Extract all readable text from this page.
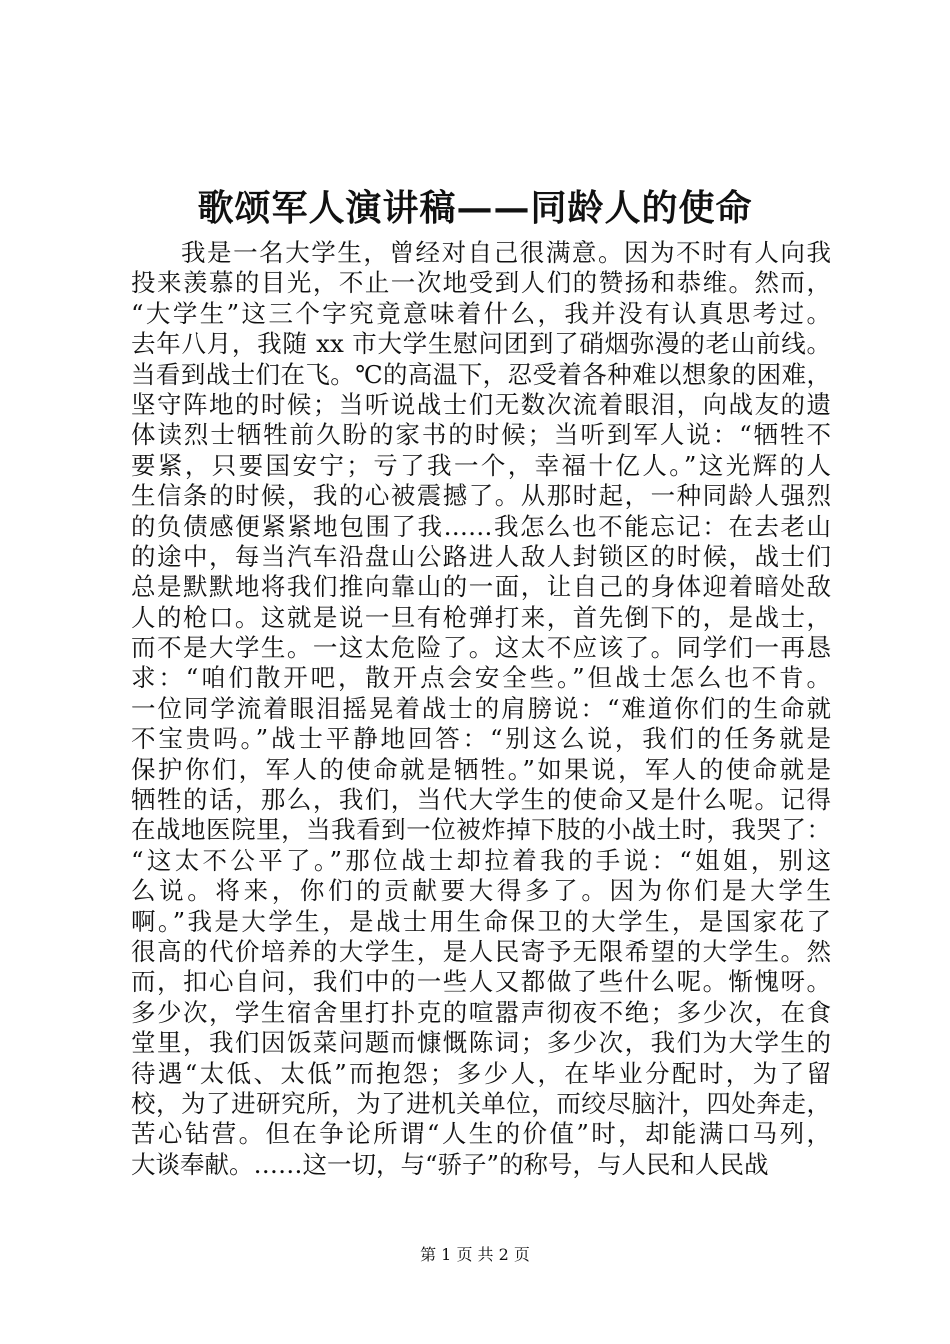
歌颂军人演讲稿——同龄人的使命
我是一名大学生，曾经对自己很满意。因为不时有人向我
投来羡慕的目光，不止一次地受到人们的赞扬和恭维。然而，
“大学生”这三个字究竟意味着什么，我并没有认真思考过。
去年八月，我随 xx 市大学生慰问团到了硝烟弥漫的老山前线。
当看到战士们在飞。℃的高温下，忍受着各种难以想象的困难，
坚守阵地的时候；当听说战士们无数次流着眼泪，向战友的遗
体读烈士牺牲前久盼的家书的时候；当听到军人说：“牺牲不
要紧，只要国安宁；亏了我一个，幸福十亿人。”这光辉的人
生信条的时候，我的心被震撼了。从那时起，一种同龄人强烈
的负债感便紧紧地包围了我……我怎么也不能忘记：在去老山
的途中，每当汽车沿盘山公路进人敌人封锁区的时候，战士们
总是默默地将我们推向靠山的一面，让自己的身体迎着暗处敌
人的枪口。这就是说一旦有枪弹打来，首先倒下的，是战士，
而不是大学生。一这太危险了。这太不应该了。同学们一再恳
求：“咱们散开吧，散开点会安全些。”但战士怎么也不肯。
一位同学流着眼泪摇晃着战士的肩膀说：“难道你们的生命就
不宝贵吗。”战士平静地回答：“别这么说，我们的任务就是
保护你们，军人的使命就是牺牲。”如果说，军人的使命就是
牺牲的话，那么，我们，当代大学生的使命又是什么呢。记得
在战地医院里，当我看到一位被炸掉下肢的小战土时，我哭了：
“这太不公平了。”那位战士却拉着我的手说：“姐姐，别这
么说。将来，你们的贡献要大得多了。因为你们是大学生
啊。”我是大学生，是战士用生命保卫的大学生，是国家花了
很高的代价培养的大学生，是人民寄予无限希望的大学生。然
而，扣心自问，我们中的一些人又都做了些什么呢。惭愧呀。
多少次，学生宿舍里打扑克的喧嚣声彻夜不绝；多少次，在食
堂里，我们因饭菜问题而慷慨陈词；多少次，我们为大学生的
待遇“太低、太低”而抱怨；多少人，在毕业分配时，为了留
校，为了进研究所，为了进机关单位，而绞尽脑汁，四处奔走，
苦心钻营。但在争论所谓“人生的价值”时，却能满口马列，
大谈奉献。……这一切，与“骄子”的称号，与人民和人民战
第 1 页 共 2 页
